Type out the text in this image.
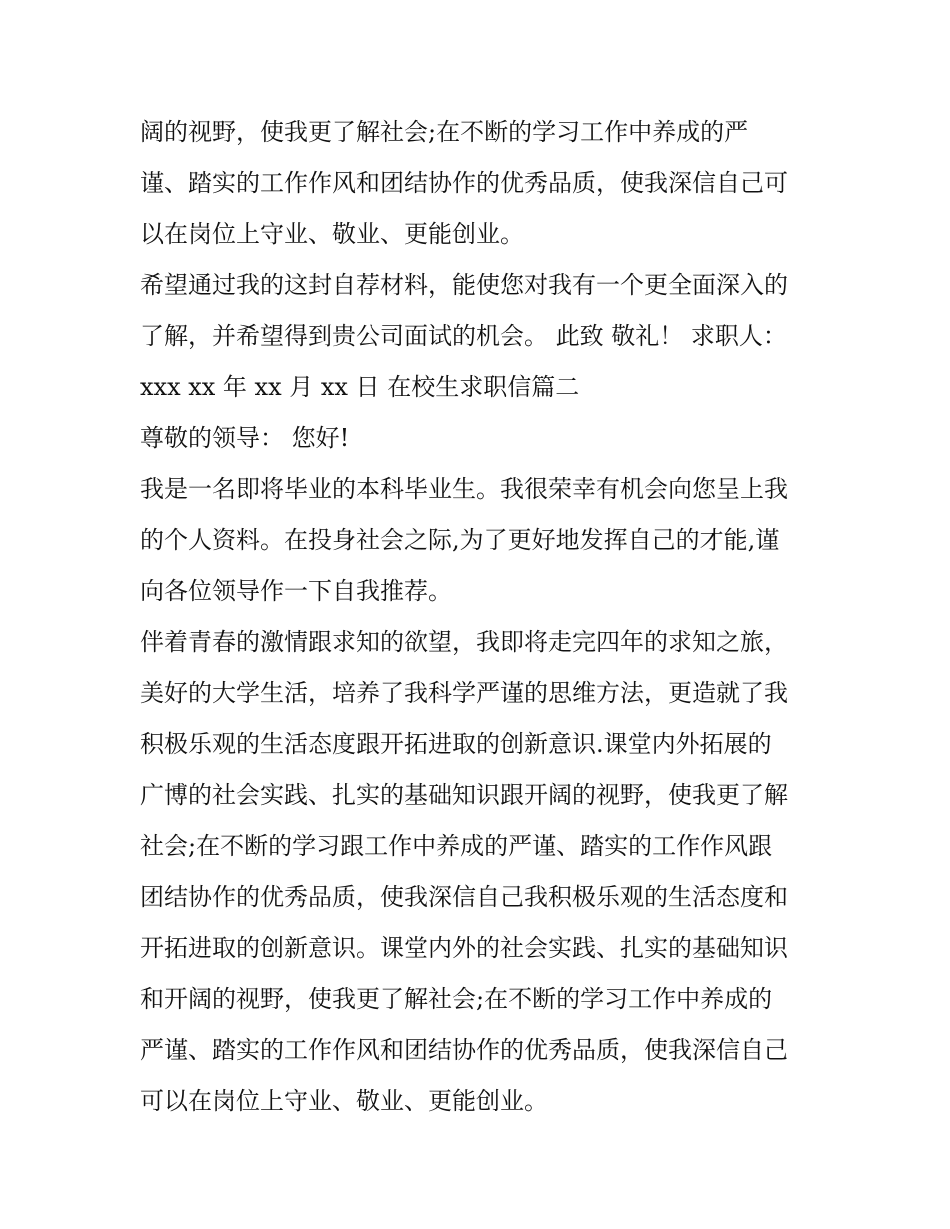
阔的视野，使我更了解社会;在不断的学习工作中养成的严
谨、踏实的工作作风和团结协作的优秀品质，使我深信自己可
以在岗位上守业、敬业、更能创业。
希望通过我的这封自荐材料，能使您对我有一个更全面深入的
了解，并希望得到贵公司面试的机会。 此致 敬礼！ 求职人：
xxx xx 年 xx 月 xx 日 在校生求职信篇二
尊敬的领导： 您好!
我是一名即将毕业的本科毕业生。我很荣幸有机会向您呈上我
的个人资料。在投身社会之际,为了更好地发挥自己的才能,谨
向各位领导作一下自我推荐。
伴着青春的激情跟求知的欲望，我即将走完四年的求知之旅，
美好的大学生活，培养了我科学严谨的思维方法，更造就了我
积极乐观的生活态度跟开拓进取的创新意识.课堂内外拓展的
广博的社会实践、扎实的基础知识跟开阔的视野，使我更了解
社会;在不断的学习跟工作中养成的严谨、踏实的工作作风跟
团结协作的优秀品质，使我深信自己我积极乐观的生活态度和
开拓进取的创新意识。课堂内外的社会实践、扎实的基础知识
和开阔的视野，使我更了解社会;在不断的学习工作中养成的
严谨、踏实的工作作风和团结协作的优秀品质，使我深信自己
可以在岗位上守业、敬业、更能创业。
